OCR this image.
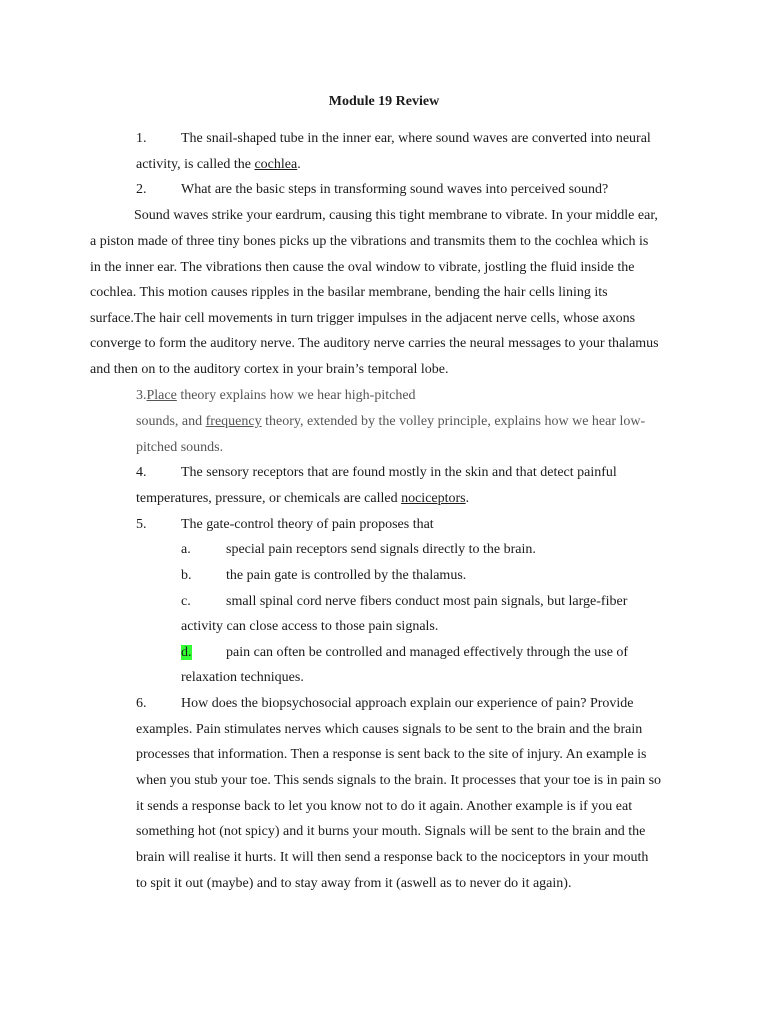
Module 19 Review
1. The snail-shaped tube in the inner ear, where sound waves are converted into neural
activity, is called the cochlea.
2. What are the basic steps in transforming sound waves into perceived sound?
Sound waves strike your eardrum, causing this tight membrane to vibrate. In your middle ear,
a piston made of three tiny bones picks up the vibrations and transmits them to the cochlea which is
in the inner ear. The vibrations then cause the oval window to vibrate, jostling the fluid inside the
cochlea. This motion causes ripples in the basilar membrane, bending the hair cells lining its
surface.The hair cell movements in turn trigger impulses in the adjacent nerve cells, whose axons
converge to form the auditory nerve. The auditory nerve carries the neural messages to your thalamus
and then on to the auditory cortex in your brain’s temporal lobe.
3.Place theory explains how we hear high-pitched
sounds, and frequency theory, extended by the volley principle, explains how we hear low-
pitched sounds.
4. The sensory receptors that are found mostly in the skin and that detect painful
temperatures, pressure, or chemicals are called nociceptors.
5. The gate-control theory of pain proposes that
a.	special pain receptors send signals directly to the brain.
b. the pain gate is controlled by the thalamus.
c.	small spinal cord nerve fibers conduct most pain signals, but large-fiber
activity can close access to those pain signals.
d. pain can often be controlled and managed effectively through the use of
relaxation techniques.
6. How does the biopsychosocial approach explain our experience of pain? Provide
examples. Pain stimulates nerves which causes signals to be sent to the brain and the brain
processes that information. Then a response is sent back to the site of injury. An example is
when you stub your toe. This sends signals to the brain. It processes that your toe is in pain so
it sends a response back to let you know not to do it again. Another example is if you eat
something hot (not spicy) and it burns your mouth. Signals will be sent to the brain and the
brain will realise it hurts. It will then send a response back to the nociceptors in your mouth
to spit it out (maybe) and to stay away from it (aswell as to never do it again).
